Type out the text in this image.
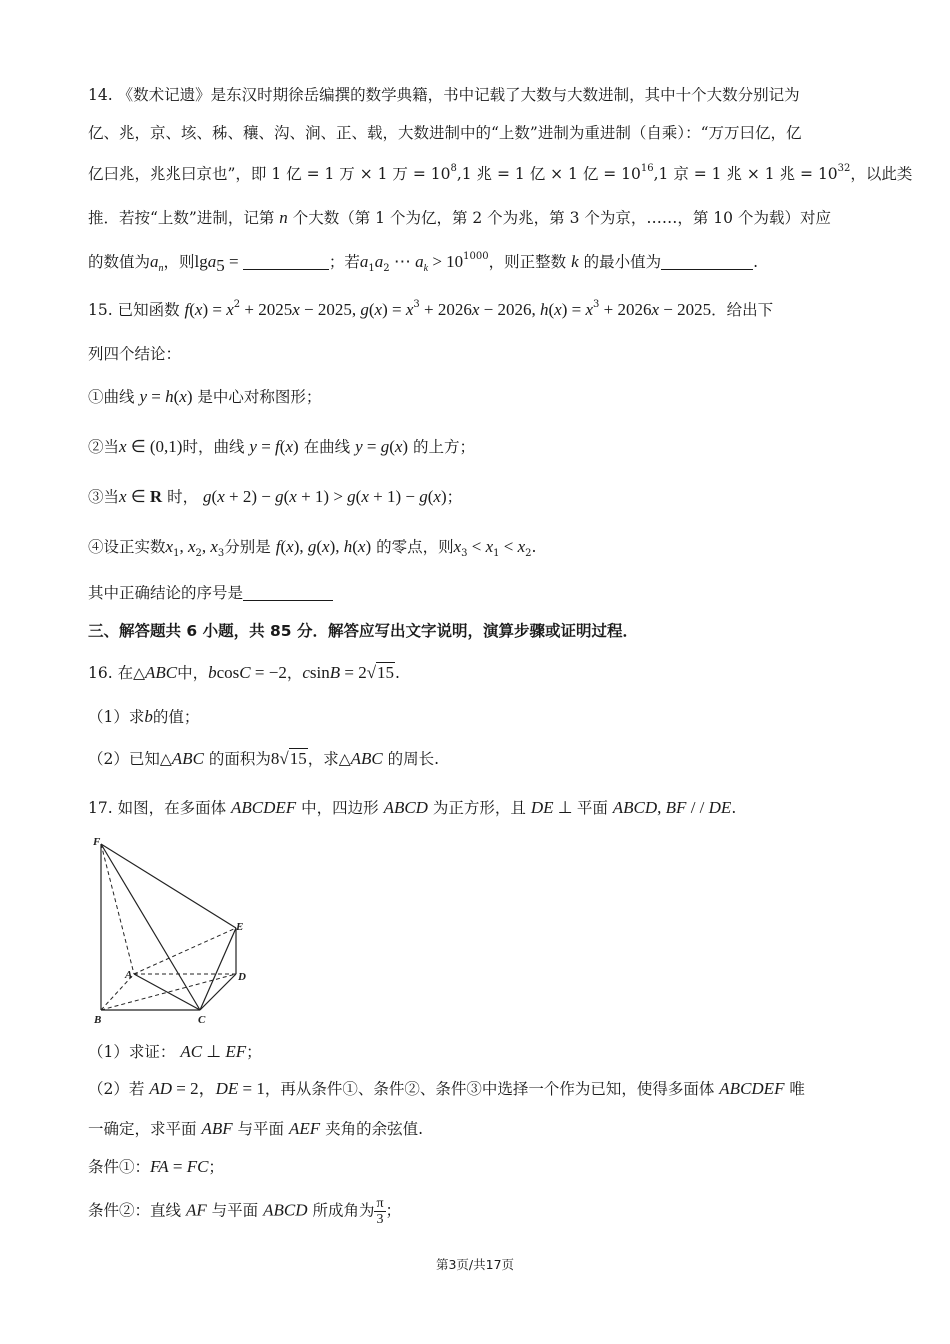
14. 《数术记遗》是东汉时期徐岳编撰的数学典籍，书中记载了大数与大数进制，其中十个大数分别记为
亿、兆，京、垓、秭、穰、沟、涧、正、载，大数进制中的“上数”进制为重进制（自乘）：“万万曰亿，亿
亿曰兆，兆兆曰京也”，即 1 亿 = 1 万 × 1 万 = $10^8,1$ 兆 = 1 亿 × 1 亿 = $10^{16},1$ 京 = 1 兆 × 1 兆 = $10^{32}$，以此类
推．若按“上数”进制，记第 n 个大数（第 1 个为亿，第 2 个为兆，第 3 个为京，……，第 10 个为载）对应
的数值为$a_n$，则lga$_5$ =	；若$a_1a_2$ ⋯ $a_k > 10^{1000}$，则正整数 k 的最小值为	.
15. 已知函数 $f(x) = x^2 + 2025x - 2025$, $g(x) = x^3 + 2026x - 2026$, $h(x) = x^3 + 2026x - 2025$．给出下
列四个结论：
①曲线 y = h(x) 是中心对称图形；
②当x ∈ (0,1)时，曲线 y = f(x) 在曲线 y = g(x) 的上方；
③当x ∈ R 时， g(x + 2) − g(x + 1) > g(x + 1) − g(x)；
④设正实数$x_1$, $x_2$, $x_3$分别是 f(x), g(x), h(x) 的零点，则$x_3 < x_1 < x_2$.
其中正确结论的序号是
三、解答题共 6 小题，共 85 分．解答应写出文字说明，演算步骤或证明过程．
16. 在△ABC中，bcosC = −2，csinB = 2√15.
（1）求b的值；
（2）已知△ABC 的面积为8√15，求△ABC 的周长.
17. 如图，在多面体 ABCDEF 中，四边形 ABCD 为正方形，且 DE ⊥ 平面 ABCD, BF / / DE.
F
E
A	D
B	C
（1）求证： AC ⊥ EF；
（2）若 AD = 2，DE = 1，再从条件①、条件②、条件③中选择一个作为已知，使得多面体 ABCDEF 唯
一确定，求平面 ABF 与平面 AEF 夹角的余弦值.
条件①：FA = FC；
条件②：直线 AF 与平面 ABCD 所成角为 $\frac{\pi}{3}$ ；
第3页/共17页
